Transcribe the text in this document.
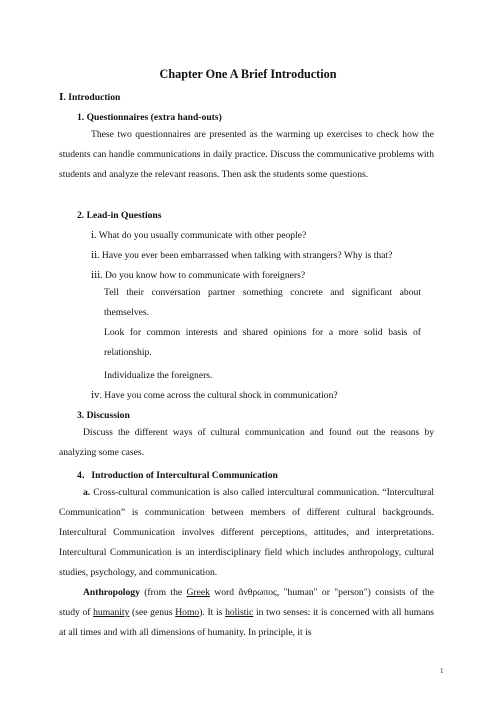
Chapter One A Brief Introduction
Ⅰ. Introduction
1. Questionnaires (extra hand-outs)

These two questionnaires are presented as the warming up exercises to check how the students can handle communications in daily practice. Discuss the communicative problems with students and analyze the relevant reasons. Then ask the students some questions.

2. Lead-in Questions
ⅰ. What do you usually communicate with other people?
ⅱ. Have you ever been embarrassed when talking with strangers? Why is that?
ⅲ. Do you know how to communicate with foreigners?

Tell their conversation partner something concrete and significant about themselves.

Look for common interests and shared opinions for a more solid basis of relationship.

Individualize the foreigners.
ⅳ. Have you come across the cultural shock in communication?
3. Discussion

Discuss the different ways of cultural communication and found out the reasons by analyzing some cases.

4．Introduction of Intercultural Communication

a. Cross-cultural communication is also called intercultural communication. “Intercultural Communication” is communication between members of different cultural backgrounds. Intercultural Communication involves different perceptions, attitudes, and interpretations. Intercultural Communication is an interdisciplinary field which includes anthropology, cultural studies, psychology, and communication.

Anthropology (from the Greek word ἄνθρωπος, "human" or "person") consists of the study of humanity (see genus Homo). It is holistic in two senses: it is concerned with all humans at all times and with all dimensions of humanity. In principle, it is

1
